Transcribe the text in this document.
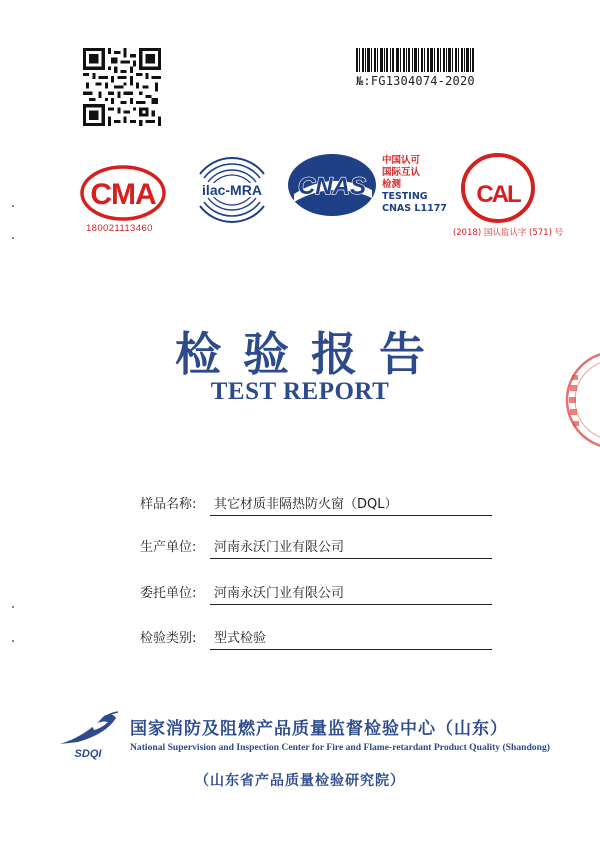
№:FG1304074-2020
CMA
180021113460
ilac-MRA CNAS
中国认可
国际互认
检测
TESTING
CNAS L1177
CAL
(2018) 国认监认字 (571) 号
检验报告
TEST REPORT
样品名称: 其它材质非隔热防火窗（DQL）
生产单位: 河南永沃门业有限公司
委托单位: 河南永沃门业有限公司
检验类别: 型式检验
SDQI
国家消防及阻燃产品质量监督检验中心（山东）
National Supervision and Inspection Center for Fire and Flame-retardant Product Quality (Shandong)
（山东省产品质量检验研究院）
